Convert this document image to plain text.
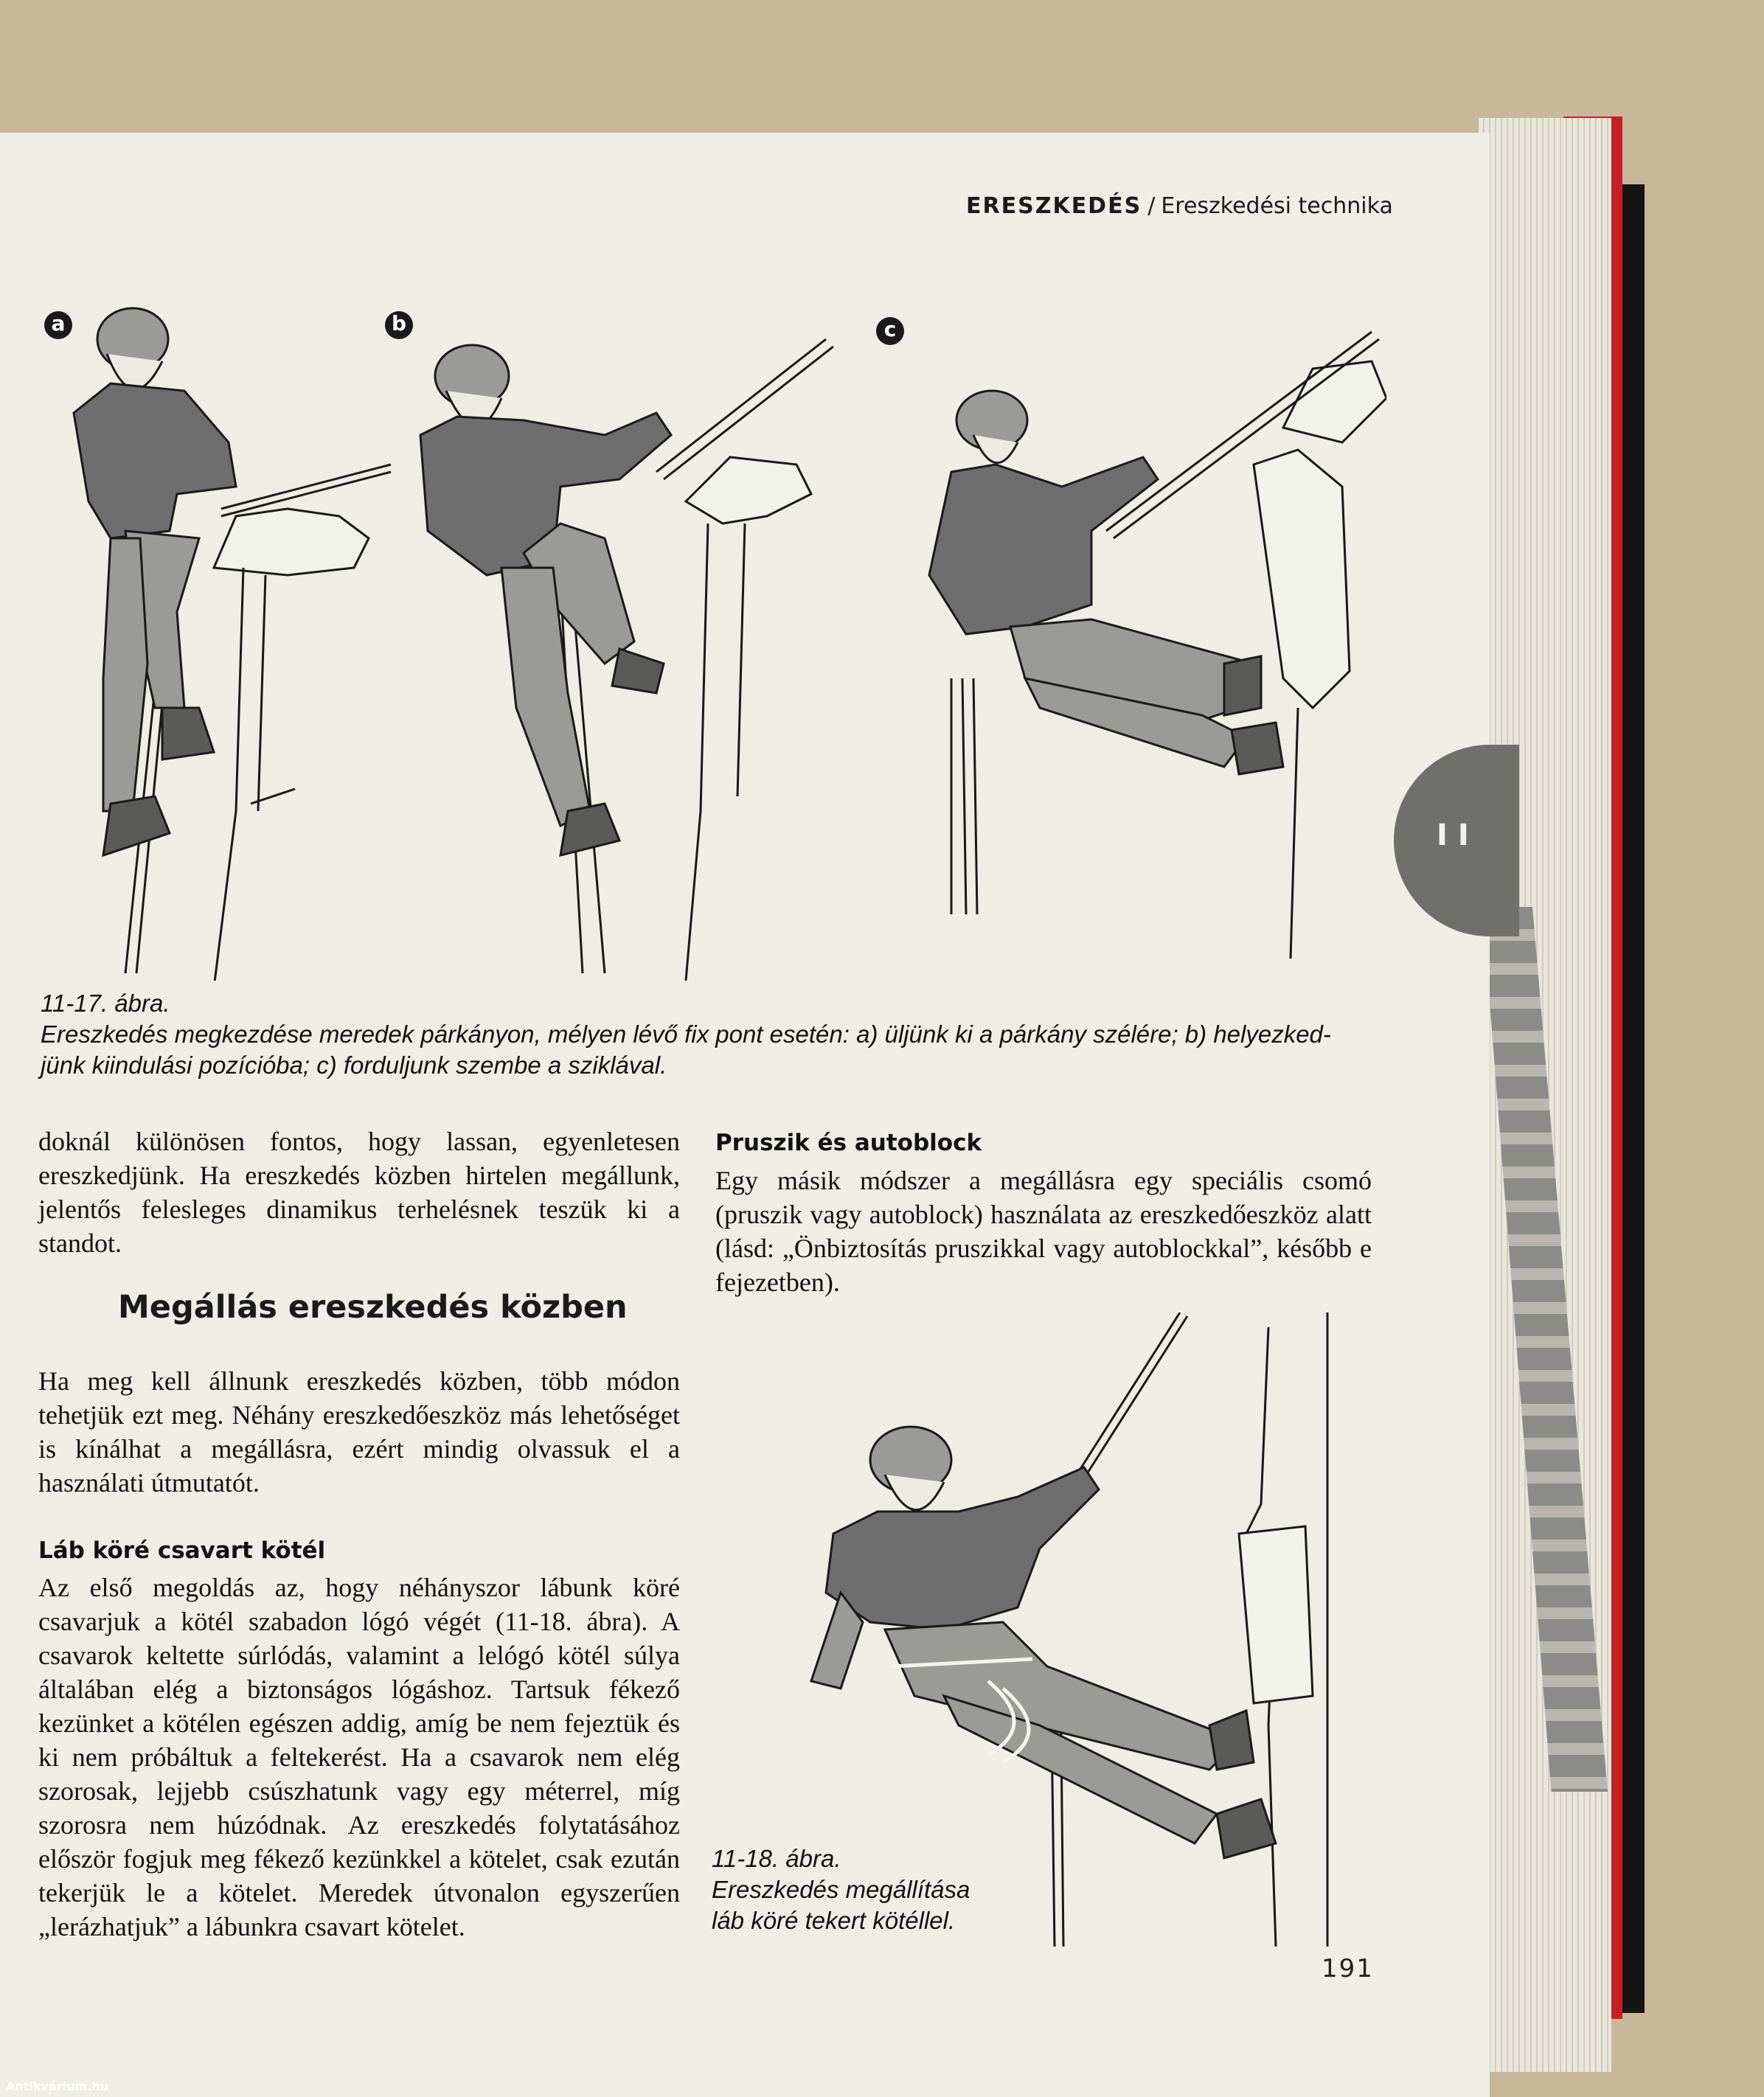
II
ERESZKEDÉS / Ereszkedési technika
a	b	c
11-17. ábra.
Ereszkedés megkezdése meredek párkányon, mélyen lévő fix pont esetén: a) üljünk ki a párkány szélére; b) helyezked-jünk kiindulási pozícióba; c) forduljunk szembe a sziklával.
doknál különösen fontos, hogy lassan, egyenletesen ereszkedjünk. Ha ereszkedés közben hirtelen megállunk, jelentős felesleges dinamikus terhelésnek teszük ki a standot.
Megállás ereszkedés közben
Ha meg kell állnunk ereszkedés közben, több módon tehetjük ezt meg. Néhány ereszkedőeszköz más lehetőséget is kínálhat a megállásra, ezért mindig olvassuk el a használati útmutatót.
Láb köré csavart kötél
Az első megoldás az, hogy néhányszor lábunk köré csavarjuk a kötél szabadon lógó végét (11-18. ábra). A csavarok keltette súrlódás, valamint a lelógó kötél súlya általában elég a biztonságos lógáshoz. Tartsuk fékező kezünket a kötélen egészen addig, amíg be nem fejeztük és ki nem próbáltuk a feltekerést. Ha a csavarok nem elég szorosak, lejjebb csúszhatunk vagy egy méterrel, míg szorosra nem húzódnak. Az ereszkedés folytatásához először fogjuk meg fékező kezünkkel a kötelet, csak ezután tekerjük le a kötelet. Meredek útvonalon egyszerűen „lerázhatjuk” a lábunkra csavart kötelet.
Pruszik és autoblock
Egy másik módszer a megállásra egy speciális csomó (pruszik vagy autoblock) használata az ereszkedőeszköz alatt (lásd: „Önbiztosítás pruszikkal vagy autoblockkal”, később e fejezetben).
11-18. ábra.
Ereszkedés megállítása
láb köré tekert kötéllel.
191
Antikvárium.hu
